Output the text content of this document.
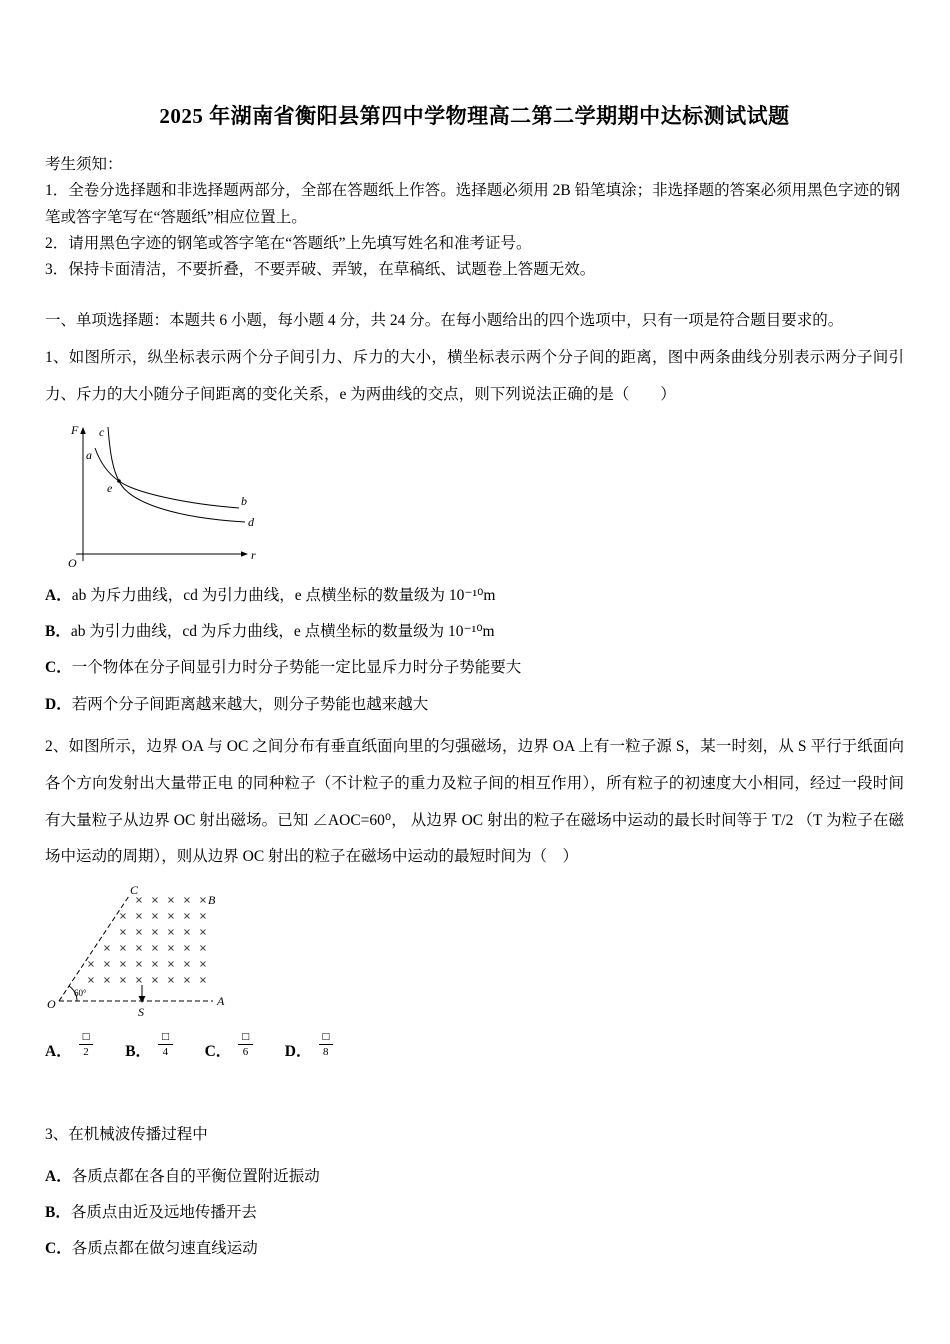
2025 年湖南省衡阳县第四中学物理高二第二学期期中达标测试试题

考生须知：

1．全卷分选择题和非选择题两部分，全部在答题纸上作答。选择题必须用 2B 铅笔填涂；非选择题的答案必须用黑色字迹的钢笔或答字笔写在“答题纸”相应位置上。

2．请用黑色字迹的钢笔或答字笔在“答题纸”上先填写姓名和准考证号。

3．保持卡面清洁，不要折叠，不要弄破、弄皱，在草稿纸、试题卷上答题无效。

一、单项选择题：本题共 6 小题，每小题 4 分，共 24 分。在每小题给出的四个选项中，只有一项是符合题目要求的。

1、如图所示，纵坐标表示两个分子间引力、斥力的大小，横坐标表示两个分子间的距离，图中两条曲线分别表示两分子间引力、斥力的大小随分子间距离的变化关系，e 为两曲线的交点，则下列说法正确的是（　　）

F
r
O
c
a
e
b
d

A．ab 为斥力曲线，cd 为引力曲线，e 点横坐标的数量级为 10⁻¹⁰m

B．ab 为引力曲线，cd 为斥力曲线，e 点横坐标的数量级为 10⁻¹⁰m

C．一个物体在分子间显引力时分子势能一定比显斥力时分子势能要大

D．若两个分子间距离越来越大，则分子势能也越来越大

2、如图所示，边界 OA 与 OC 之间分布有垂直纸面向里的匀强磁场，边界 OA 上有一粒子源 S，某一时刻，从 S 平行于纸面向各个方向发射出大量带正电 的同种粒子（不计粒子的重力及粒子间的相互作用），所有粒子的初速度大小相同，经过一段时间有大量粒子从边界 OC 射出磁场。已知 ∠AOC=60⁰， 从边界 OC 射出的粒子在磁场中运动的最长时间等于 T/2 （T 为粒子在磁场中运动的周期），则从边界 OC 射出的粒子在磁场中运动的最短时间为（　）

× × × × ×
× × × × × ×
× × × × × ×
× × × × × × ×
× × × × × × × ×
× × × × × × × ×
C
B
A
O
60°
S
A． $\frac{□}{2}$ B． $\frac{□}{4}$ C． $\frac{□}{6}$ D． $\frac{□}{8}$

3、在机械波传播过程中

A．各质点都在各自的平衡位置附近振动

B．各质点由近及远地传播开去

C．各质点都在做匀速直线运动
